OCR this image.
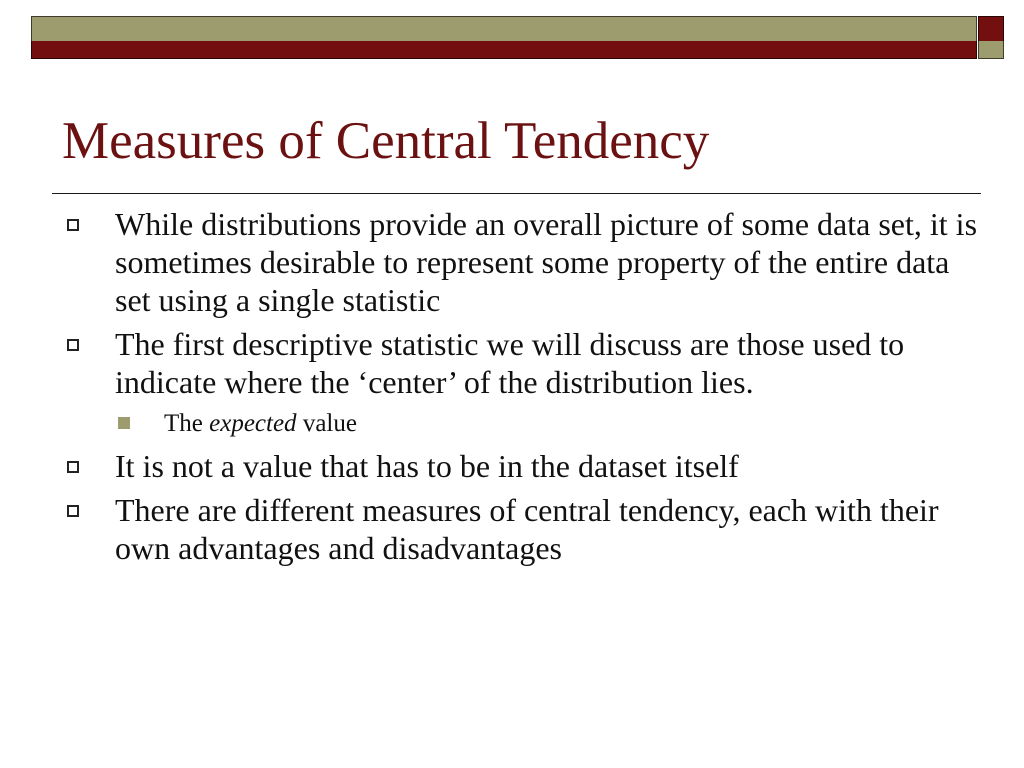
Measures of Central Tendency
While distributions provide an overall picture of some data set, it is sometimes desirable to represent some property of the entire data set using a single statistic
The first descriptive statistic we will discuss are those used to indicate where the ‘center’ of the distribution lies.
The expected value
It is not a value that has to be in the dataset itself
There are different measures of central tendency, each with their own advantages and disadvantages
